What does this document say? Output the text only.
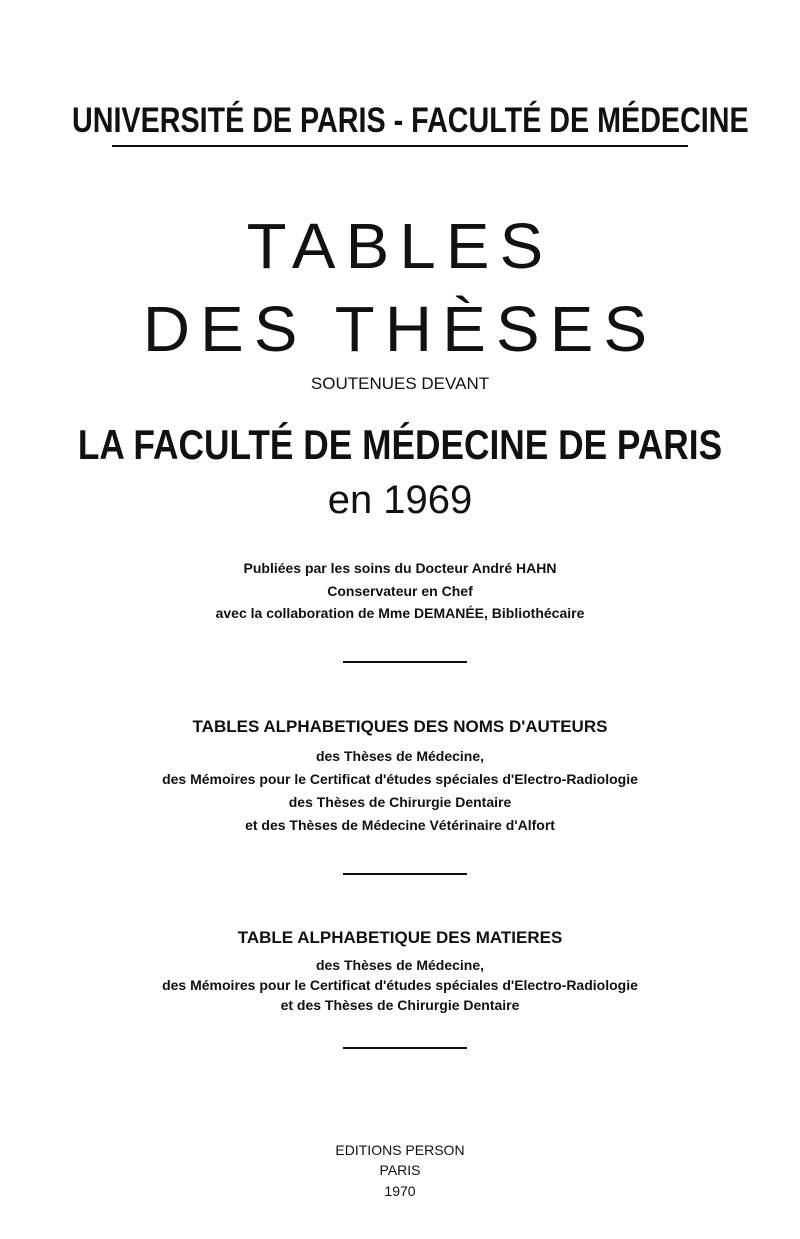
UNIVERSITÉ DE PARIS - FACULTÉ DE MÉDECINE
TABLES
DES THÈSES
SOUTENUES DEVANT
LA FACULTÉ DE MÉDECINE DE PARIS
en 1969
Publiées par les soins du Docteur André HAHN
Conservateur en Chef
avec la collaboration de Mme DEMANÉE, Bibliothécaire
TABLES ALPHABETIQUES DES NOMS D'AUTEURS
des Thèses de Médecine,
des Mémoires pour le Certificat d'études spéciales d'Electro-Radiologie
des Thèses de Chirurgie Dentaire
et des Thèses de Médecine Vétérinaire d'Alfort
TABLE ALPHABETIQUE DES MATIERES
des Thèses de Médecine,
des Mémoires pour le Certificat d'études spéciales d'Electro-Radiologie
et des Thèses de Chirurgie Dentaire
EDITIONS PERSON
PARIS
1970
